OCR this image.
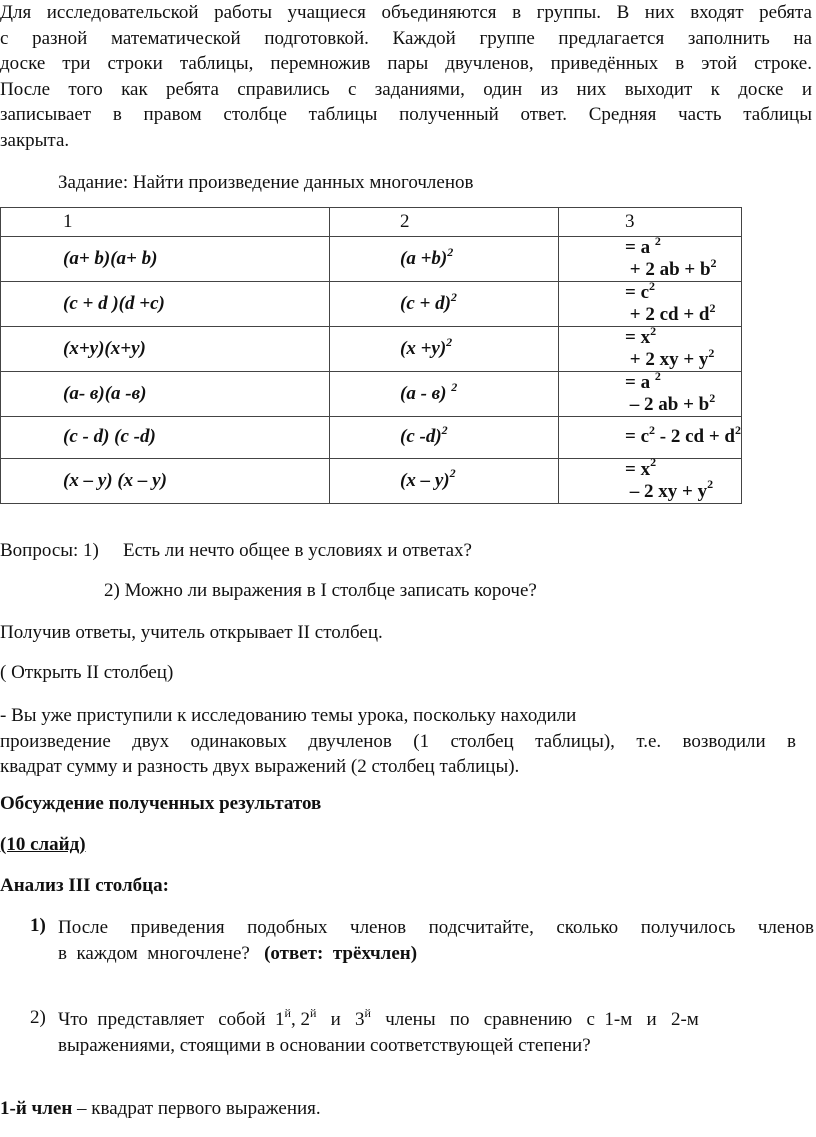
Для исследовательской работы учащиеся объединяются в группы. В них входят ребята
с разной математической подготовкой. Каждой группе предлагается заполнить на
доске три строки таблицы, перемножив пары двучленов, приведённых в этой строке.
После того как ребята справились с заданиями, один из них выходит к доске и
записывает в правом столбце таблицы полученный ответ. Средняя часть таблицы
закрыта.
Задание: Найти произведение данных многочленов
1	2	3
(a+ b)(a+ b)	$(a +b)^2$	= a $^2$ + 2 ab + $b^2$
(c + d )(d +c)	$(c + d)^2$	= $c^2 + 2$ cd + $d^2$
(x+y)(x+y)	$(x +y)^2$	= $x^2 + 2$ xy + $y^2$
(a- в)(a -в)	(a - в) $^2$	= a $^2$ – 2 ab + $b^2$
(c - d) (c -d)	(c -d)$^2$	= $c^2 - 2$ cd + $d^2$
(x – y) (x – y)	(x – y)$^2$	= $x^2 - 2$ xy + $y^2$
Вопросы: 1) Есть ли нечто общее в условиях и ответах?
2) Можно ли выражения в I столбце записать короче?
Получив ответы, учитель открывает II столбец.
( Открыть II столбец)
- Вы уже приступили к исследованию темы урока, поскольку находили
произведение двух одинаковых двучленов (1 столбец таблицы), т.е. возводили в
квадрат сумму и разность двух выражений (2 столбец таблицы).
Обсуждение полученных результатов
(10 слайд)
Анализ III столбца:
1) После приведения подобных членов подсчитайте, сколько получилось членов
в  каждом  многочлене?   (ответ:  трёхчлен)
2) Что  представляет   собой  $1^й$, $2^й$   и   $3^й$   члены   по   сравнению   с  1-м   и   2-м
выражениями, стоящими в основании соответствующей степени?
1-й член – квадрат первого выражения.
